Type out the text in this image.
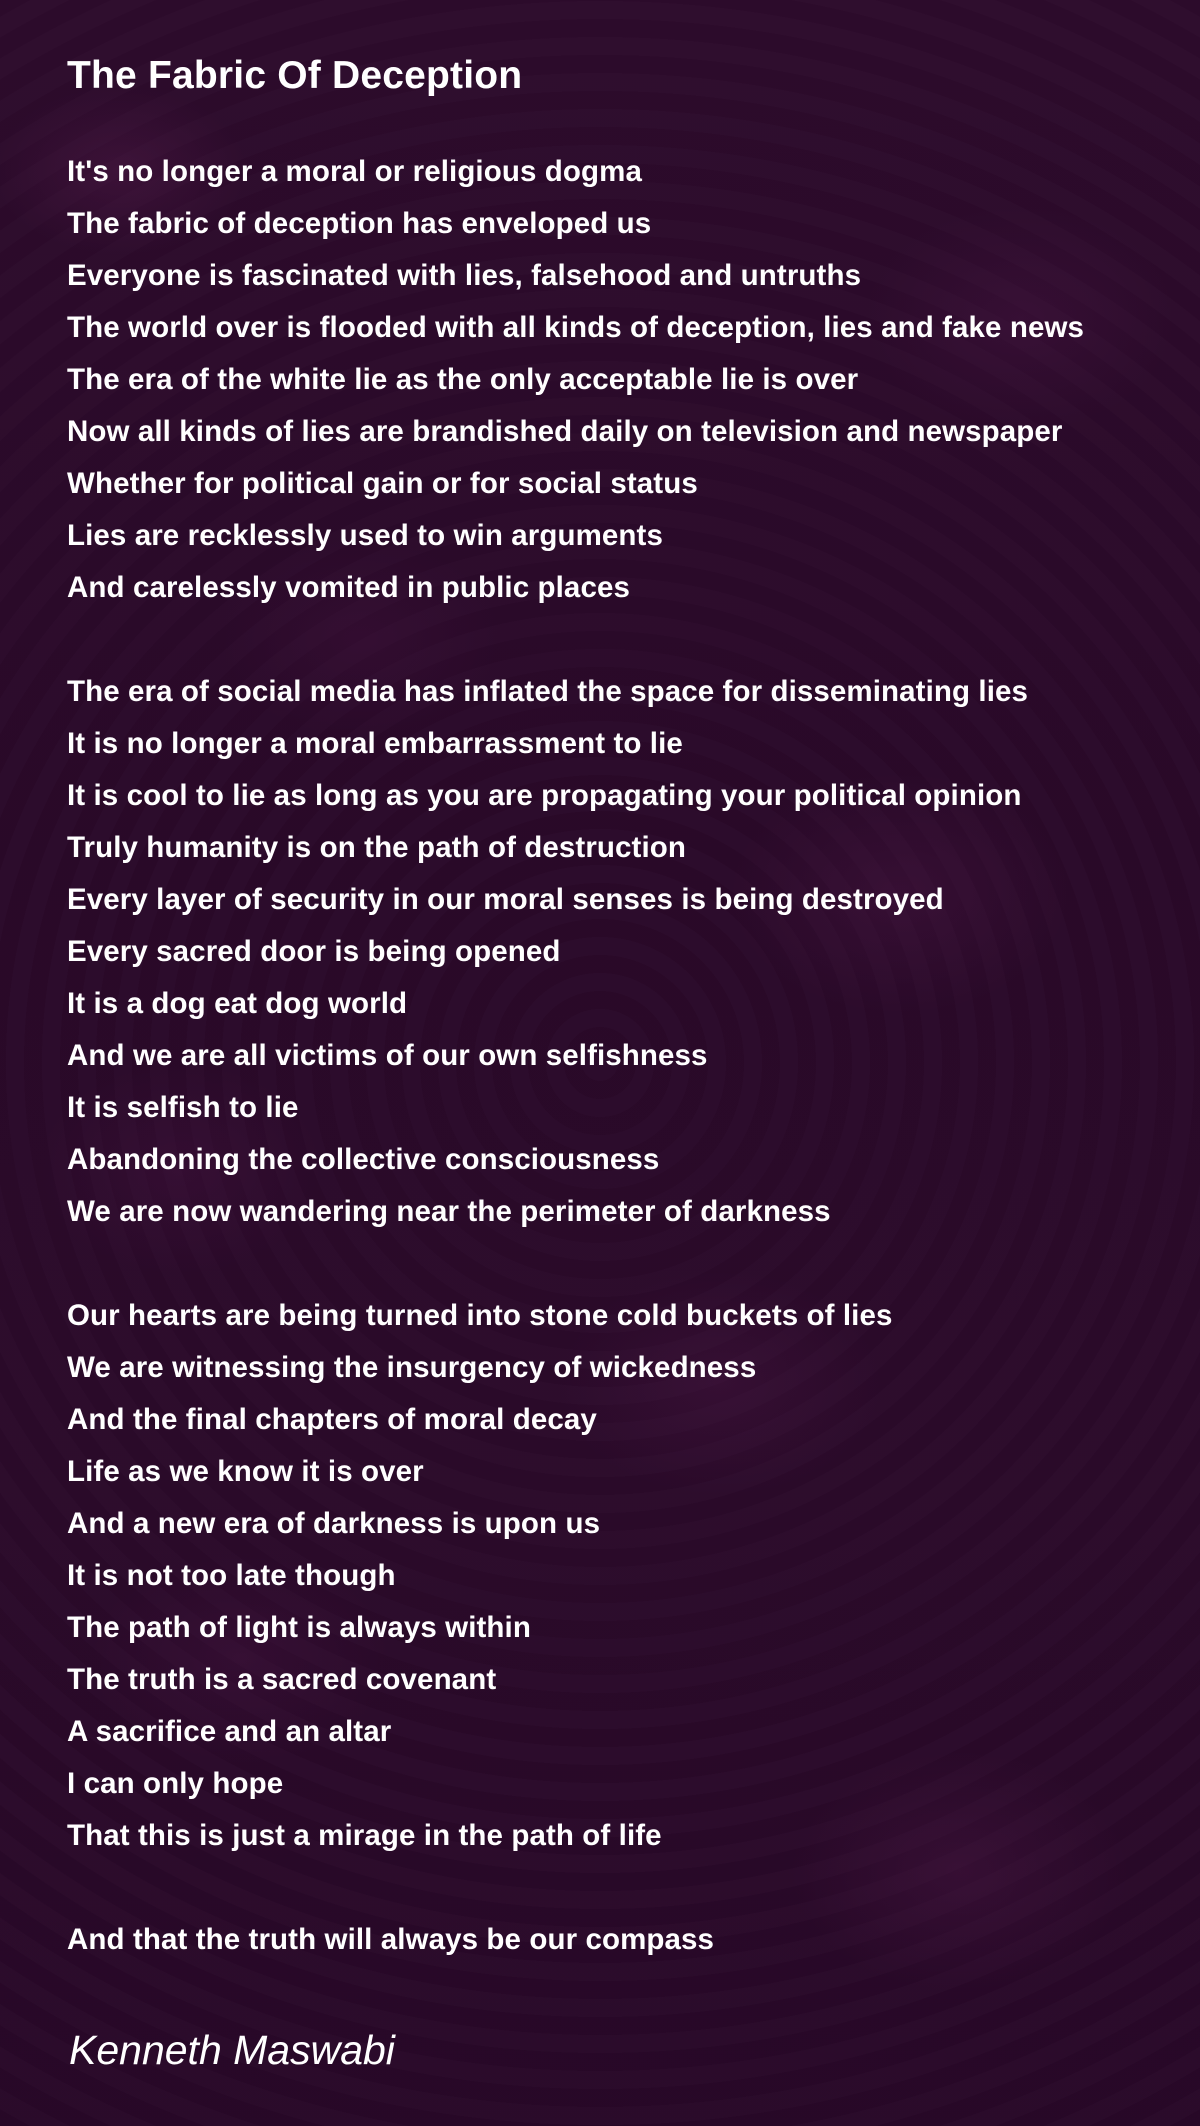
The Fabric Of Deception
It's no longer a moral or religious dogma
The fabric of deception has enveloped us
Everyone is fascinated with lies, falsehood and untruths
The world over is flooded with all kinds of deception, lies and fake news
The era of the white lie as the only acceptable lie is over
Now all kinds of lies are brandished daily on television and newspaper
Whether for political gain or for social status
Lies are recklessly used to win arguments
And carelessly vomited in public places
The era of social media has inflated the space for disseminating lies
It is no longer a moral embarrassment to lie
It is cool to lie as long as you are propagating your political opinion
Truly humanity is on the path of destruction
Every layer of security in our moral senses is being destroyed
Every sacred door is being opened
It is a dog eat dog world
And we are all victims of our own selfishness
It is selfish to lie
Abandoning the collective consciousness
We are now wandering near the perimeter of darkness
Our hearts are being turned into stone cold buckets of lies
We are witnessing the insurgency of wickedness
And the final chapters of moral decay
Life as we know it is over
And a new era of darkness is upon us
It is not too late though
The path of light is always within
The truth is a sacred covenant
A sacrifice and an altar
I can only hope
That this is just a mirage in the path of life
And that the truth will always be our compass
Kenneth Maswabi
